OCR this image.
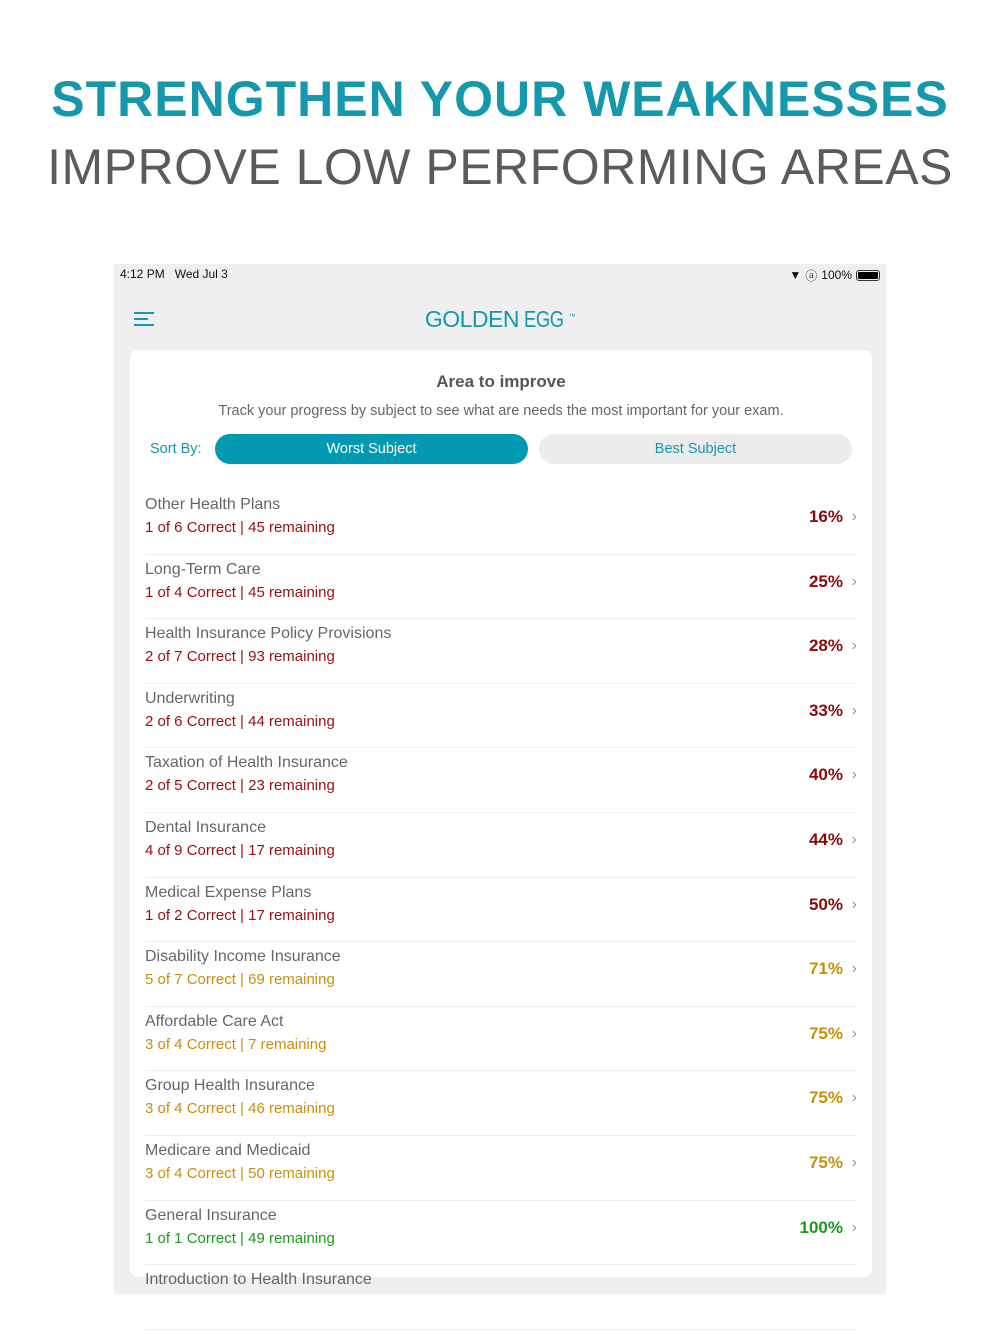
STRENGTHEN YOUR WEAKNESSES
IMPROVE LOW PERFORMING AREAS
4:12 PM Wed Jul 3	▼ ⓐ 100%
GOLDEN EGG ™
Area to improve
Track your progress by subject to see what are needs the most important for your exam.
Sort By:	Worst Subject	Best Subject
Other Health Plans
1 of 6 Correct | 45 remaining
16% ›
Long-Term Care
1 of 4 Correct | 45 remaining
25% ›
Health Insurance Policy Provisions
2 of 7 Correct | 93 remaining
28% ›
Underwriting
2 of 6 Correct | 44 remaining
33% ›
Taxation of Health Insurance
2 of 5 Correct | 23 remaining
40% ›
Dental Insurance
4 of 9 Correct | 17 remaining
44% ›
Medical Expense Plans
1 of 2 Correct | 17 remaining
50% ›
Disability Income Insurance
5 of 7 Correct | 69 remaining
71% ›
Affordable Care Act
3 of 4 Correct | 7 remaining
75% ›
Group Health Insurance
3 of 4 Correct | 46 remaining
75% ›
Medicare and Medicaid
3 of 4 Correct | 50 remaining
75% ›
General Insurance
1 of 1 Correct | 49 remaining
100% ›
Introduction to Health Insurance
